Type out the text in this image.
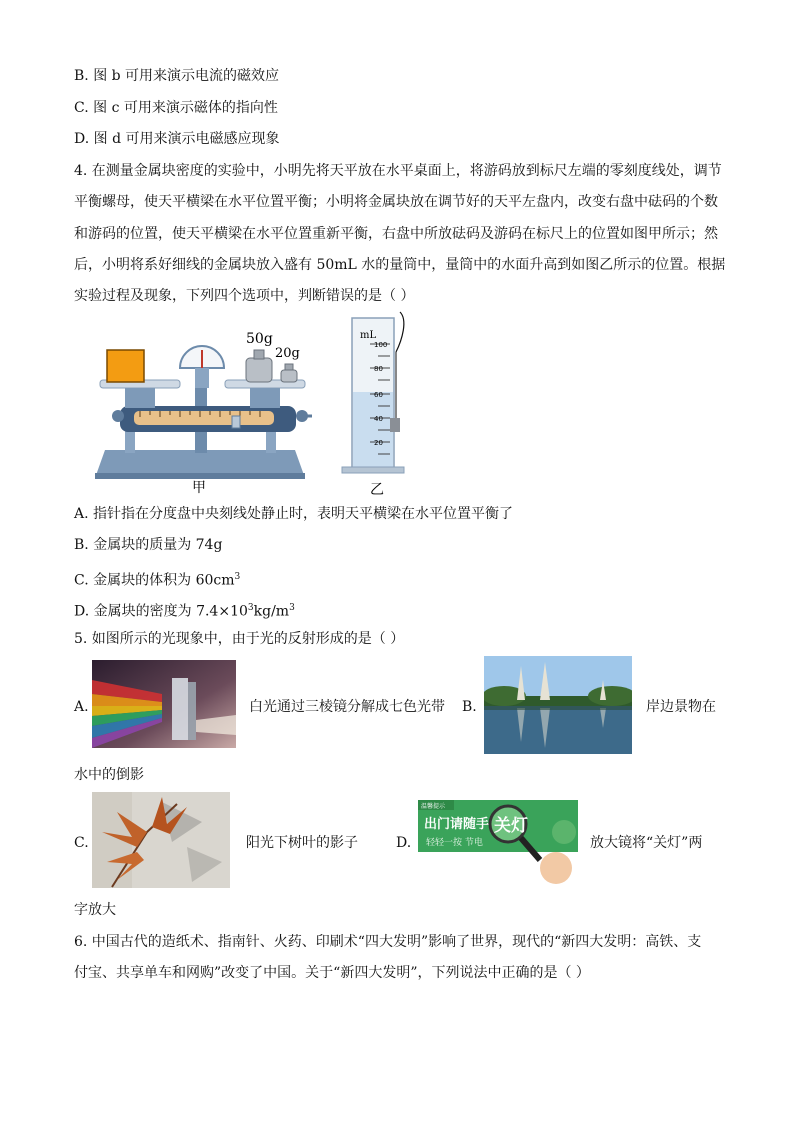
B. 图 b 可用来演示电流的磁效应
C. 图 c 可用来演示磁体的指向性
D. 图 d 可用来演示电磁感应现象
4. 在测量金属块密度的实验中，小明先将天平放在水平桌面上，将游码放到标尺左端的零刻度线处，调节
平衡螺母，使天平横梁在水平位置平衡；小明将金属块放在调节好的天平左盘内，改变右盘中砝码的个数
和游码的位置，使天平横梁在水平位置重新平衡，右盘中所放砝码及游码在标尺上的位置如图甲所示；然
后，小明将系好细线的金属块放入盛有 50mL 水的量筒中，量筒中的水面升高到如图乙所示的位置。根据
实验过程及现象，下列四个选项中，判断错误的是（ ）
50g
20g
mL
100
80
60
40
20
甲	乙
A. 指针指在分度盘中央刻线处静止时，表明天平横梁在水平位置平衡了
B. 金属块的质量为 74g
C. 金属块的体积为 $60cm^3$
D. 金属块的密度为 $7.4\times 10^3kg/m^3$
5. 如图所示的光现象中，由于光的反射形成的是（ ）
A.	白光通过三棱镜分解成七色光带 B.	岸边景物在
水中的倒影
C.	阳光下树叶的影子	D.
温馨提示
出门请随手
轻轻一按 节电
关灯
放大镜将“关灯”两
字放大
6. 中国古代的造纸术、指南针、火药、印刷术“四大发明”影响了世界，现代的“新四大发明：高铁、支
付宝、共享单车和网购”改变了中国。关于“新四大发明”，下列说法中正确的是（ ）
